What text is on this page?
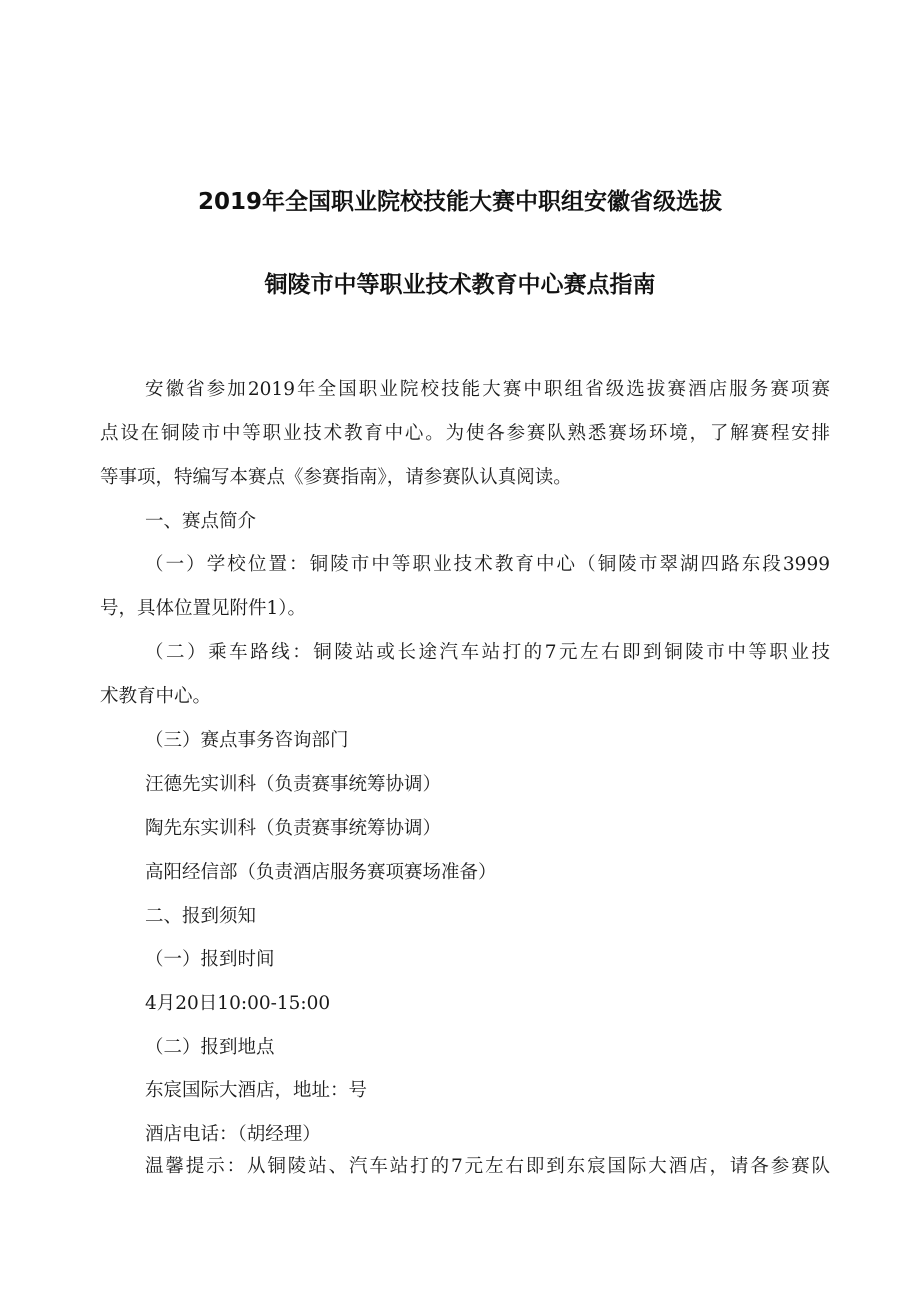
2019年全国职业院校技能大赛中职组安徽省级选拔
铜陵市中等职业技术教育中心赛点指南
安徽省参加2019年全国职业院校技能大赛中职组省级选拔赛酒店服务赛项赛
点设在铜陵市中等职业技术教育中心。为使各参赛队熟悉赛场环境，了解赛程安排
等事项，特编写本赛点《参赛指南》，请参赛队认真阅读。
一、赛点简介
（一）学校位置：铜陵市中等职业技术教育中心（铜陵市翠湖四路东段3999
号，具体位置见附件1）。
（二）乘车路线：铜陵站或长途汽车站打的7元左右即到铜陵市中等职业技
术教育中心。
（三）赛点事务咨询部门
汪德先实训科（负责赛事统筹协调）
陶先东实训科（负责赛事统筹协调）
高阳经信部（负责酒店服务赛项赛场准备）
二、报到须知
（一）报到时间
4月20日10:00-15:00
（二）报到地点
东宸国际大酒店，地址：号
酒店电话：（胡经理）
温馨提示：从铜陵站、汽车站打的7元左右即到东宸国际大酒店，请各参赛队
